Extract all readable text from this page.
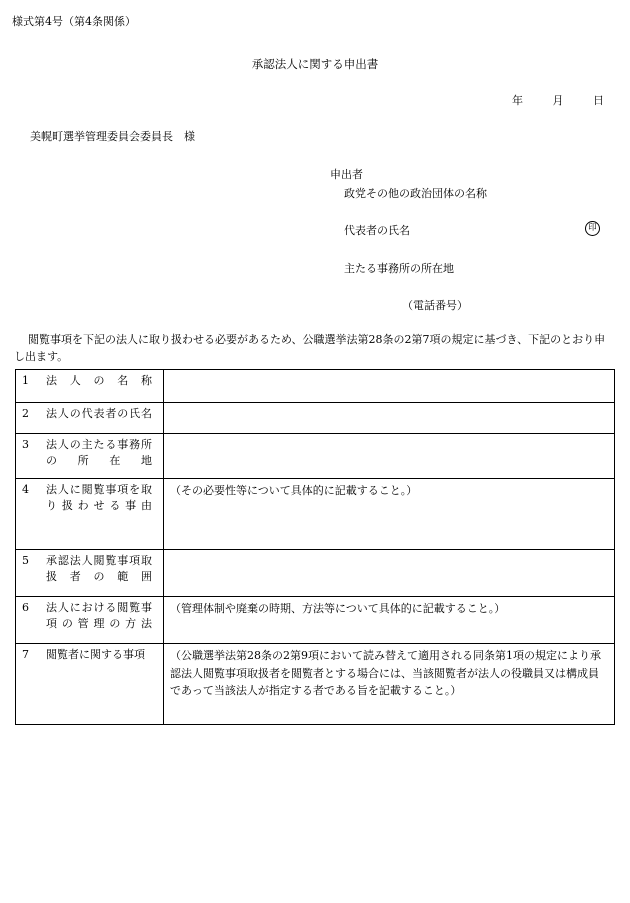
様式第4号（第4条関係）
承認法人に関する申出書
年	月	日
美幌町選挙管理委員会委員長　様
申出者
政党その他の政治団体の名称
代表者の氏名	印
主たる事務所の所在地
（電話番号）

閲覧事項を下記の法人に取り扱わせる必要があるため、公職選挙法第28条の2第7項の規定に基づき、下記のとおり申し出ます。

1 法人の名称	
2 法人の代表者の氏名	
3 法人の主たる事務所の所在地	
4 法人に閲覧事項を取り扱わせる事由	（その必要性等について具体的に記載すること。）
5 承認法人閲覧事項取扱者の範囲	
6 法人における閲覧事項の管理の方法	（管理体制や廃棄の時期、方法等について具体的に記載すること。）
7 閲覧者に関する事項	（公職選挙法第28条の2第9項において読み替えて適用される同条第1項の規定により承認法人閲覧事項取扱者を閲覧者とする場合には、当該閲覧者が法人の役職員又は構成員であって当該法人が指定する者である旨を記載すること。）
